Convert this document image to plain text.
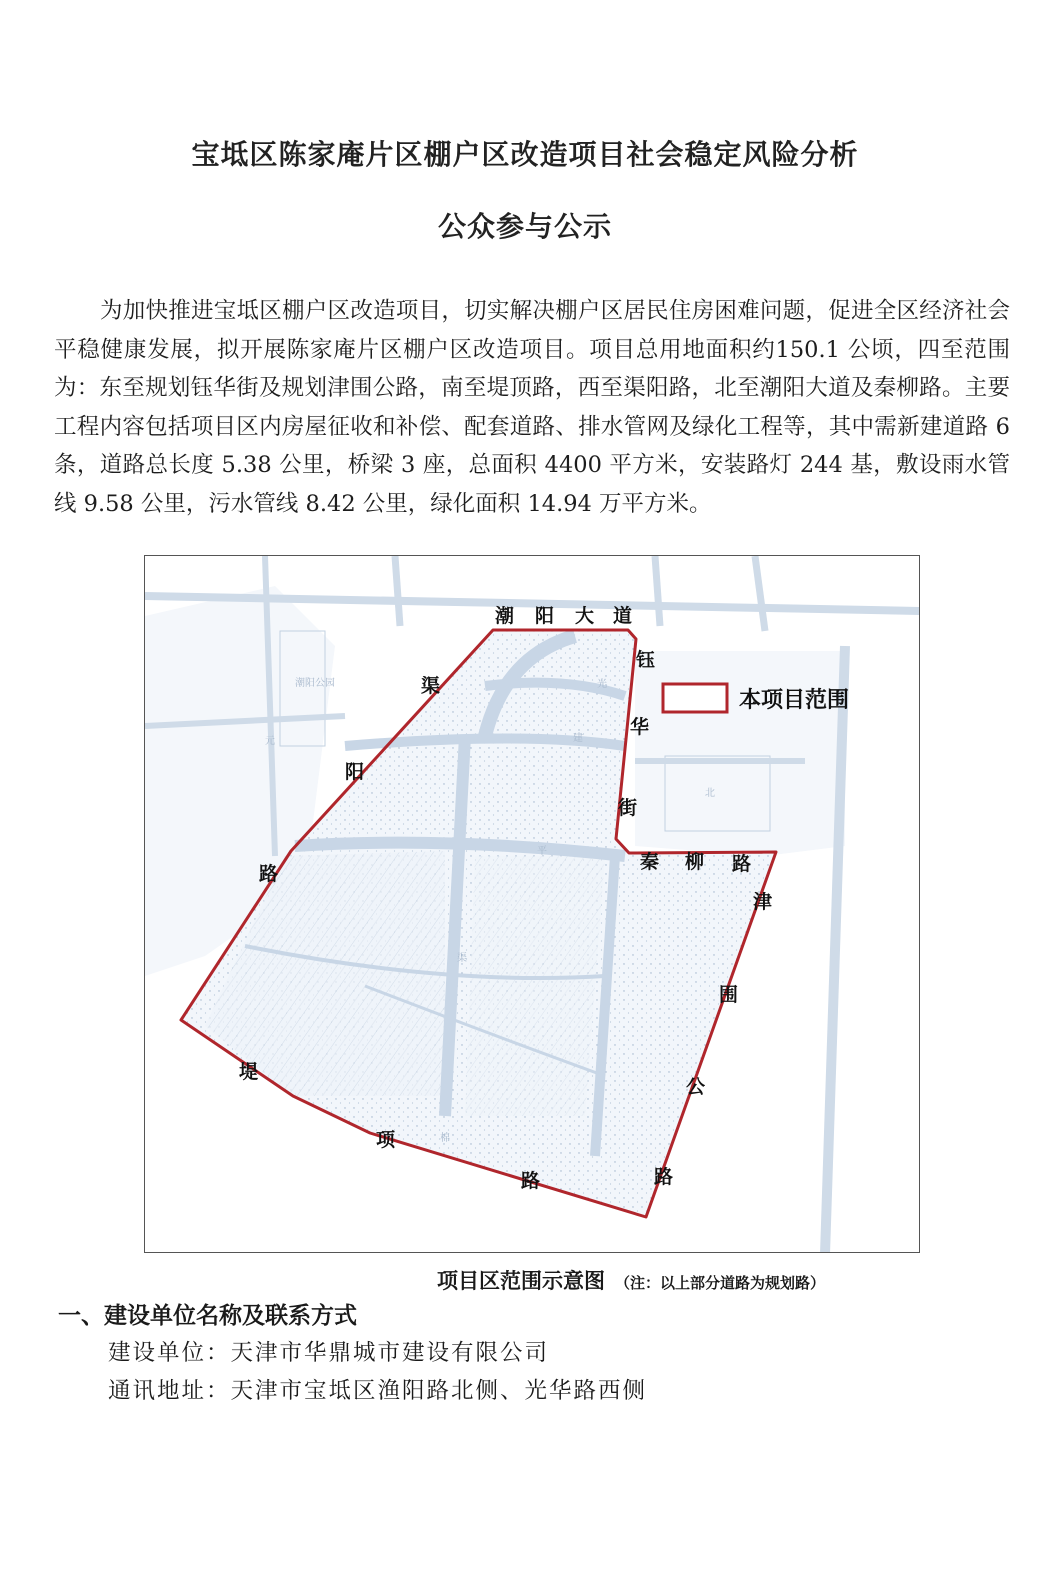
宝坻区陈家庵片区棚户区改造项目社会稳定风险分析
公众参与公示
为加快推进宝坻区棚户区改造项目，切实解决棚户区居民住房困难问题，促进全区经济社会平稳健康发展，拟开展陈家庵片区棚户区改造项目。项目总用地面积约150.1 公顷，四至范围为：东至规划钰华街及规划津围公路，南至堤顶路，西至渠阳路，北至潮阳大道及秦柳路。主要工程内容包括项目区内房屋征收和补偿、配套道路、排水管网及绿化工程等，其中需新建道路 6 条，道路总长度 5.38 公里，桥梁 3 座，总面积 4400 平方米，安装路灯 244 基，敷设雨水管线 9.58 公里，污水管线 8.42 公里，绿化面积 14.94 万平方米。
潮阳公园	光
元
平
建
渠
棉
北
本项目范围
潮 阳 大 道
钰
华
街
秦 柳 路
津
围
公
路
堤
项
路
渠
阳
路
项目区范围示意图 （注：以上部分道路为规划路）
一、建设单位名称及联系方式
建设单位：天津市华鼎城市建设有限公司
通讯地址：天津市宝坻区渔阳路北侧、光华路西侧
